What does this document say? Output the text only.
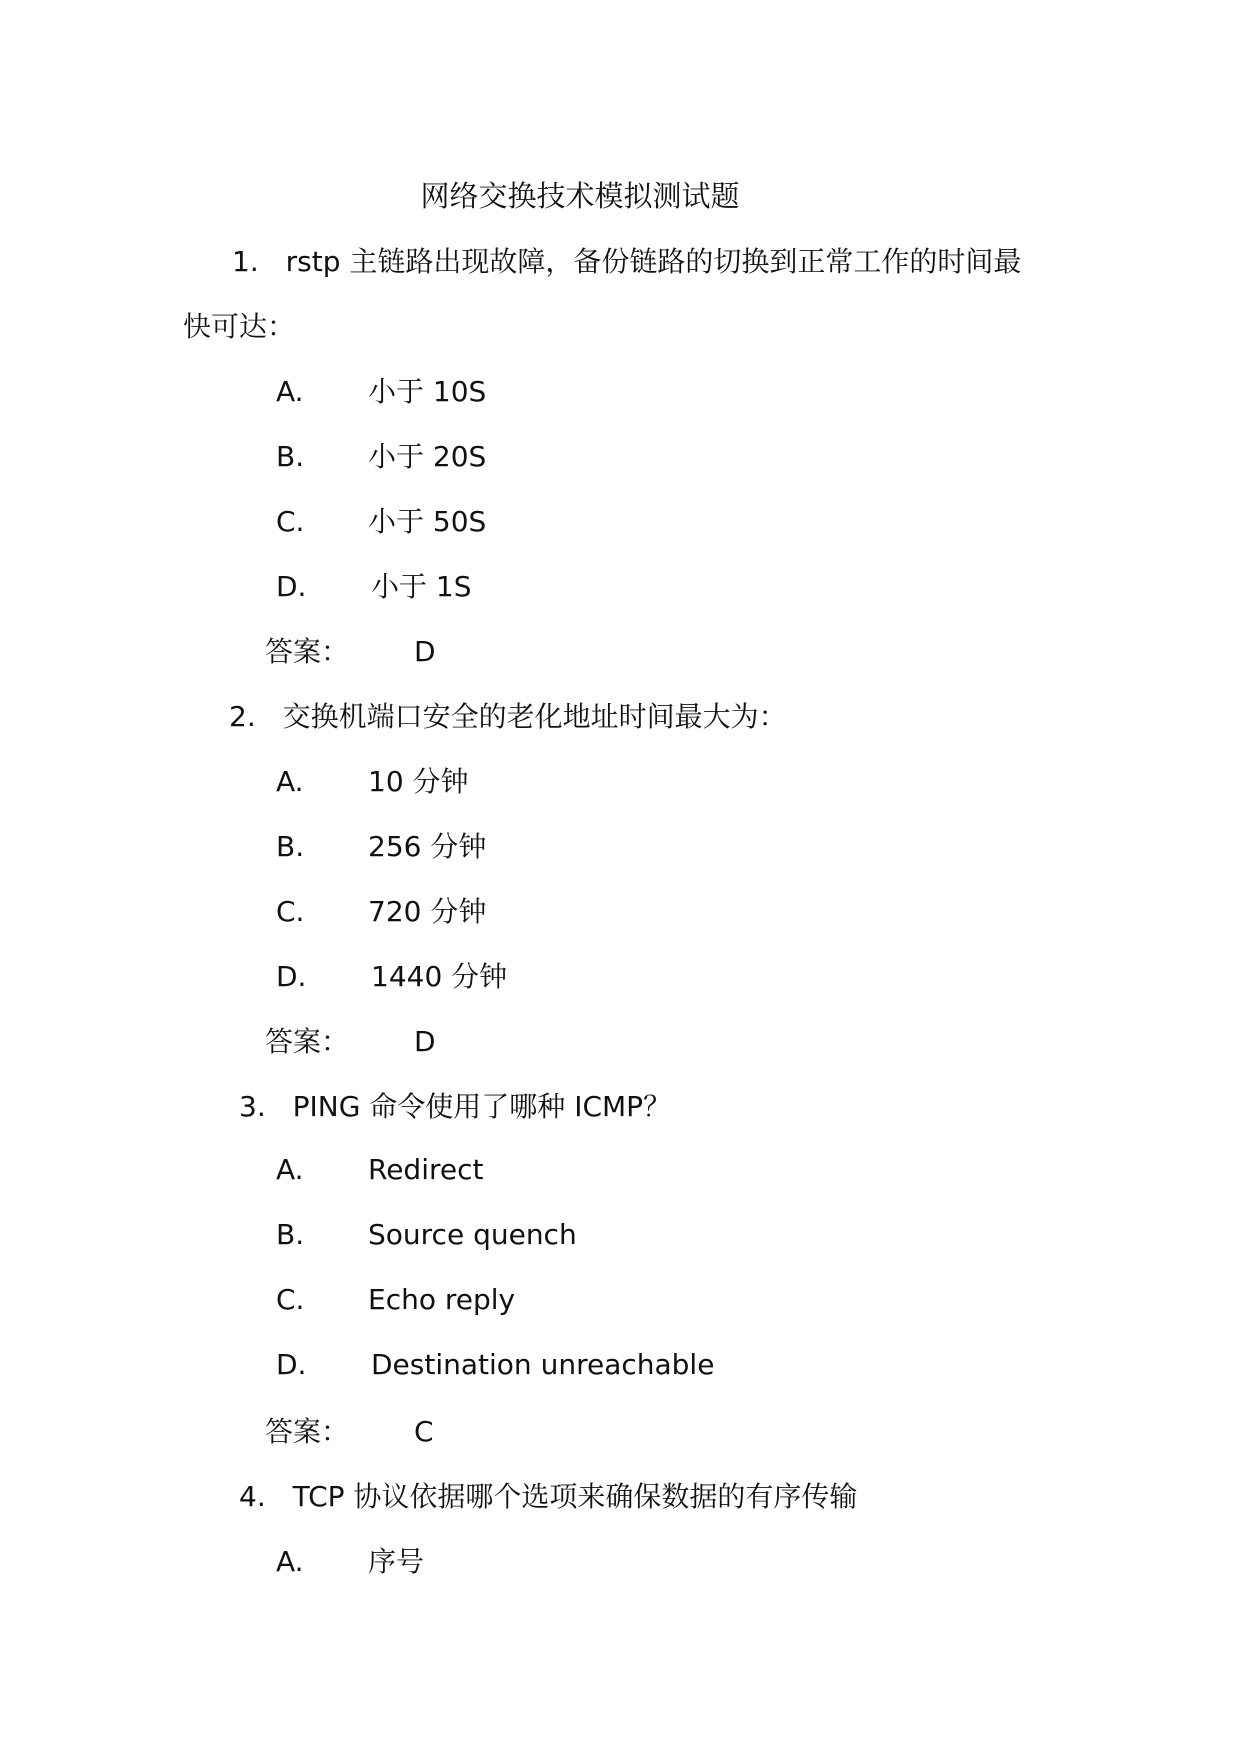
网络交换技术模拟测试题
1. rstp 主链路出现故障，备份链路的切换到正常工作的时间最
快可达：
A. 小于 10S
B. 小于 20S
C. 小于 50S
D. 小于 1S
答案： D
2. 交换机端口安全的老化地址时间最大为：
A. 10 分钟
B. 256 分钟
C. 720 分钟
D. 1440 分钟
答案： D
3. PING 命令使用了哪种 ICMP？
A. Redirect
B. Source quench
C. Echo reply
D. Destination unreachable
答案： C
4. TCP 协议依据哪个选项来确保数据的有序传输
A. 序号
